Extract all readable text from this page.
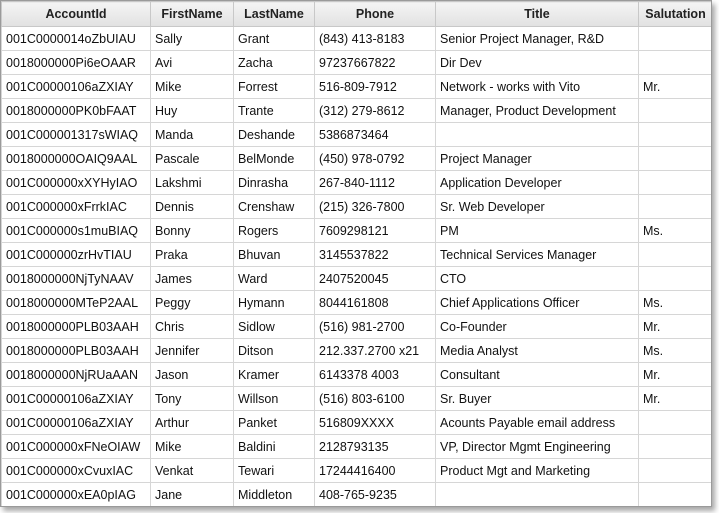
AccountId	FirstName	LastName	Phone	Title	Salutation
001C0000014oZbUIAU	Sally	Grant	(843) 413-8183	Senior Project Manager, R&D	
0018000000Pi6eOAAR	Avi	Zacha	97237667822	Dir Dev	
001C00000106aZXIAY	Mike	Forrest	516-809-7912	Network - works with Vito	Mr.
0018000000PK0bFAAT	Huy	Trante	(312) 279-8612	Manager, Product Development	
001C000001317sWIAQ	Manda	Deshande	5386873464		
0018000000OAIQ9AAL	Pascale	BelMonde	(450) 978-0792	Project Manager	
001C000000xXYHyIAO	Lakshmi	Dinrasha	267-840-1112	Application Developer	
001C000000xFrrkIAC	Dennis	Crenshaw	(215) 326-7800	Sr. Web Developer	
001C000000s1muBIAQ	Bonny	Rogers	7609298121	PM	Ms.
001C000000zrHvTIAU	Praka	Bhuvan	3145537822	Technical Services Manager	
0018000000NjTyNAAV	James	Ward	2407520045	CTO	
0018000000MTeP2AAL	Peggy	Hymann	8044161808	Chief Applications Officer	Ms.
0018000000PLB03AAH	Chris	Sidlow	(516) 981-2700	Co-Founder	Mr.
0018000000PLB03AAH	Jennifer	Ditson	212.337.2700 x21	Media Analyst	Ms.
0018000000NjRUaAAN	Jason	Kramer	6143378 4003	Consultant	Mr.
001C00000106aZXIAY	Tony	Willson	(516) 803-6100	Sr. Buyer	Mr.
001C00000106aZXIAY	Arthur	Panket	516809XXXX	Acounts Payable email address	
001C000000xFNeOIAW	Mike	Baldini	2128793135	VP, Director Mgmt Engineering	
001C000000xCvuxIAC	Venkat	Tewari	17244416400	Product Mgt and Marketing	
001C000000xEA0pIAG	Jane	Middleton	408-765-9235		
